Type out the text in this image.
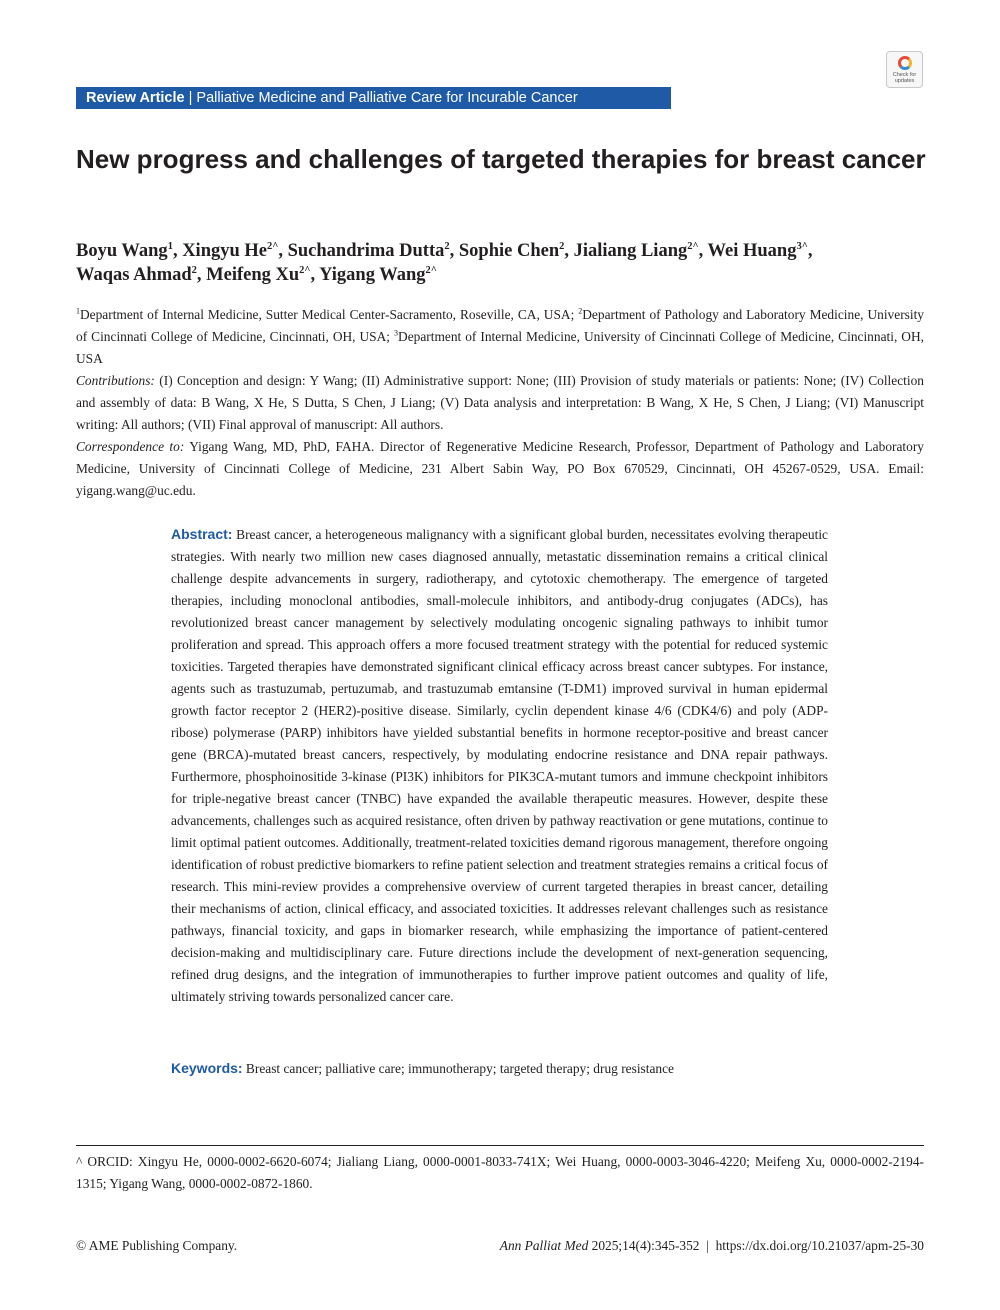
Review Article | Palliative Medicine and Palliative Care for Incurable Cancer
Check for updates
New progress and challenges of targeted therapies for breast cancer
Boyu Wang$^1$, Xingyu $He^{2\^{}}$, Suchandrima Dutta$^2$, Sophie Chen$^2$, Jialiang Liang$^{2\^{}}$, Wei Huang$^{3\^{}}$,
Waqas Ahmad$^2$, Meifeng $Xu^{2\^{}}$, Yigang Wang$^{2\^{}}$

$^1$Department of Internal Medicine, Sutter Medical Center-Sacramento, Roseville, CA, USA; $^2$Department of Pathology and Laboratory Medicine, University of Cincinnati College of Medicine, Cincinnati, OH, USA; $^3$Department of Internal Medicine, University of Cincinnati College of Medicine, Cincinnati, OH, USA

Contributions: (I) Conception and design: Y Wang; (II) Administrative support: None; (III) Provision of study materials or patients: None; (IV) Collection and assembly of data: B Wang, X He, S Dutta, S Chen, J Liang; (V) Data analysis and interpretation: B Wang, X He, S Chen, J Liang; (VI) Manuscript writing: All authors; (VII) Final approval of manuscript: All authors.

Correspondence to: Yigang Wang, MD, PhD, FAHA. Director of Regenerative Medicine Research, Professor, Department of Pathology and Laboratory Medicine, University of Cincinnati College of Medicine, 231 Albert Sabin Way, PO Box 670529, Cincinnati, OH 45267-0529, USA. Email: yigang.wang@uc.edu.

Abstract: Breast cancer, a heterogeneous malignancy with a significant global burden, necessitates evolving therapeutic strategies. With nearly two million new cases diagnosed annually, metastatic dissemination remains a critical clinical challenge despite advancements in surgery, radiotherapy, and cytotoxic chemotherapy. The emergence of targeted therapies, including monoclonal antibodies, small-molecule inhibitors, and antibody-drug conjugates (ADCs), has revolutionized breast cancer management by selectively modulating oncogenic signaling pathways to inhibit tumor proliferation and spread. This approach offers a more focused treatment strategy with the potential for reduced systemic toxicities. Targeted therapies have demonstrated significant clinical efficacy across breast cancer subtypes. For instance, agents such as trastuzumab, pertuzumab, and trastuzumab emtansine (T-DM1) improved survival in human epidermal growth factor receptor 2 (HER2)-positive disease. Similarly, cyclin dependent kinase 4/6 (CDK4/6) and poly (ADP-ribose) polymerase (PARP) inhibitors have yielded substantial benefits in hormone receptor-positive and breast cancer gene (BRCA)-mutated breast cancers, respectively, by modulating endocrine resistance and DNA repair pathways. Furthermore, phosphoinositide 3-kinase (PI3K) inhibitors for PIK3CA-mutant tumors and immune checkpoint inhibitors for triple-negative breast cancer (TNBC) have expanded the available therapeutic measures. However, despite these advancements, challenges such as acquired resistance, often driven by pathway reactivation or gene mutations, continue to limit optimal patient outcomes. Additionally, treatment-related toxicities demand rigorous management, therefore ongoing identification of robust predictive biomarkers to refine patient selection and treatment strategies remains a critical focus of research. This mini-review provides a comprehensive overview of current targeted therapies in breast cancer, detailing their mechanisms of action, clinical efficacy, and associated toxicities. It addresses relevant challenges such as resistance pathways, financial toxicity, and gaps in biomarker research, while emphasizing the importance of patient-centered decision-making and multidisciplinary care. Future directions include the development of next-generation sequencing, refined drug designs, and the integration of immunotherapies to further improve patient outcomes and quality of life, ultimately striving towards personalized cancer care.

Keywords: Breast cancer; palliative care; immunotherapy; targeted therapy; drug resistance

^ ORCID: Xingyu He, 0000-0002-6620-6074; Jialiang Liang, 0000-0001-8033-741X; Wei Huang, 0000-0003-3046-4220; Meifeng Xu, 0000-0002-2194-1315; Yigang Wang, 0000-0002-0872-1860.

© AME Publishing Company.	Ann Palliat Med 2025;14(4):345-352  |  https://dx.doi.org/10.21037/apm-25-30
